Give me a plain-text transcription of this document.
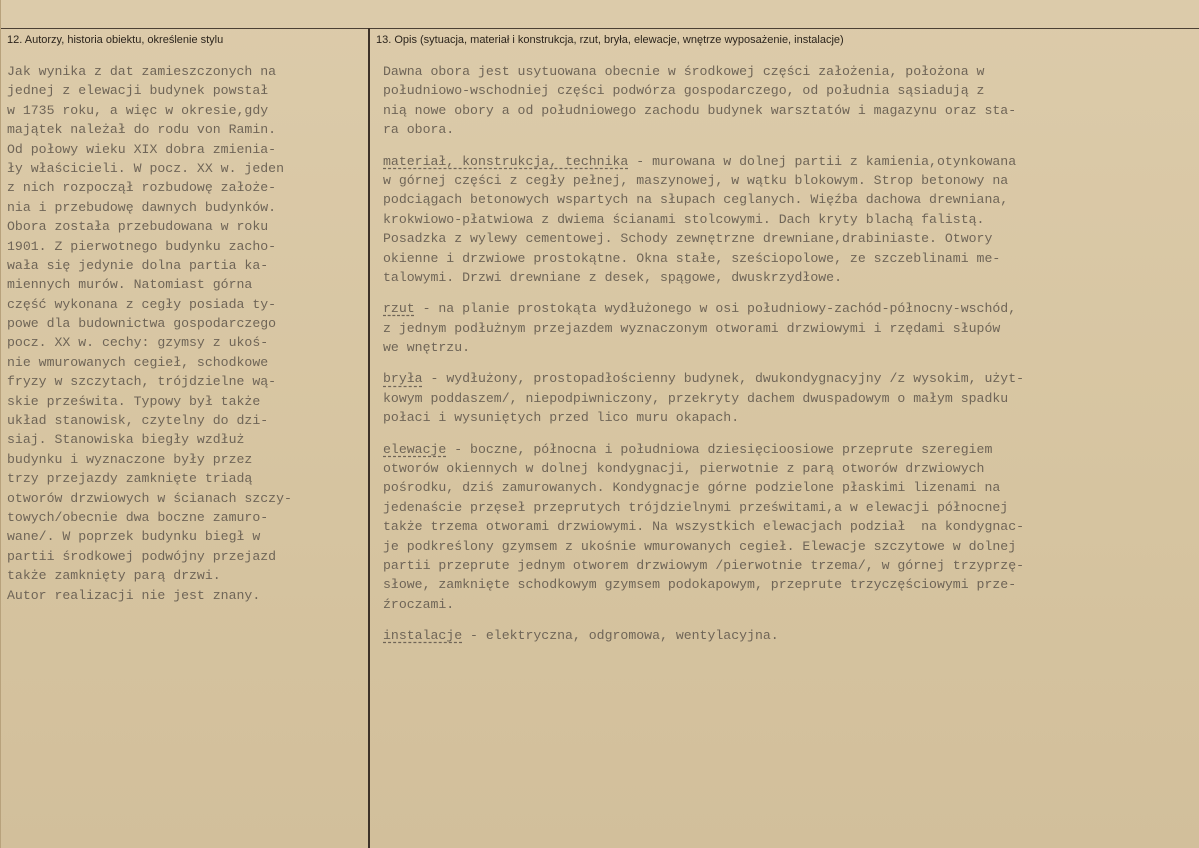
12. Autorzy, historia obiektu, określenie stylu	13. Opis (sytuacja, materiał i konstrukcja, rzut, bryła, elewacje, wnętrze wyposażenie, instalacje)
Jak wynika z dat zamieszczonych na
jednej z elewacji budynek powstał
w 1735 roku, a więc w okresie,gdy
majątek należał do rodu von Ramin.
Od połowy wieku XIX dobra zmienia-
ły właścicieli. W pocz. XX w. jeden
z nich rozpoczął rozbudowę założe-
nia i przebudowę dawnych budynków.
Obora została przebudowana w roku
1901. Z pierwotnego budynku zacho-
wała się jedynie dolna partia ka-
miennych murów. Natomiast górna
część wykonana z cegły posiada ty-
powe dla budownictwa gospodarczego
pocz. XX w. cechy: gzymsy z ukoś-
nie wmurowanych cegieł, schodkowe
fryzy w szczytach, trójdzielne wą-
skie prześwita. Typowy był także
układ stanowisk, czytelny do dzi-
siaj. Stanowiska biegły wzdłuż
budynku i wyznaczone były przez
trzy przejazdy zamknięte triadą
otworów drzwiowych w ścianach szczy-
towych/obecnie dwa boczne zamuro-
wane/. W poprzek budynku biegł w
partii środkowej podwójny przejazd
także zamknięty parą drzwi.
Autor realizacji nie jest znany.
Dawna obora jest usytuowana obecnie w środkowej części założenia, położona w
południowo-wschodniej części podwórza gospodarczego, od południa sąsiadują z
nią nowe obory a od południowego zachodu budynek warsztatów i magazynu oraz sta-
ra obora.
materiał, konstrukcja, technika - murowana w dolnej partii z kamienia,otynkowana
w górnej części z cegły pełnej, maszynowej, w wątku blokowym. Strop betonowy na
podciągach betonowych wspartych na słupach ceglanych. Więźba dachowa drewniana,
krokwiowo-płatwiowa z dwiema ścianami stolcowymi. Dach kryty blachą falistą.
Posadzka z wylewy cementowej. Schody zewnętrzne drewniane,drabiniaste. Otwory
okienne i drzwiowe prostokątne. Okna stałe, sześciopolowe, ze szczeblinami me-
talowymi. Drzwi drewniane z desek, spągowe, dwuskrzydłowe.
rzut - na planie prostokąta wydłużonego w osi południowy-zachód-północny-wschód,
z jednym podłużnym przejazdem wyznaczonym otworami drzwiowymi i rzędami słupów
we wnętrzu.
bryła - wydłużony, prostopadłościenny budynek, dwukondygnacyjny /z wysokim, użyt-
kowym poddaszem/, niepodpiwniczony, przekryty dachem dwuspadowym o małym spadku
połaci i wysuniętych przed lico muru okapach.
elewacje - boczne, północna i południowa dziesięcioosiowe przeprute szeregiem
otworów okiennych w dolnej kondygnacji, pierwotnie z parą otworów drzwiowych
pośrodku, dziś zamurowanych. Kondygnacje górne podzielone płaskimi lizenami na
jedenaście przęseł przeprutych trójdzielnymi prześwitami,a w elewacji północnej
także trzema otworami drzwiowymi. Na wszystkich elewacjach podział  na kondygnac-
je podkreślony gzymsem z ukośnie wmurowanych cegieł. Elewacje szczytowe w dolnej
partii przeprute jednym otworem drzwiowym /pierwotnie trzema/, w górnej trzyprzę-
słowe, zamknięte schodkowym gzymsem podokapowym, przeprute trzyczęściowymi prze-
źroczami.
instalacje - elektryczna, odgromowa, wentylacyjna.
